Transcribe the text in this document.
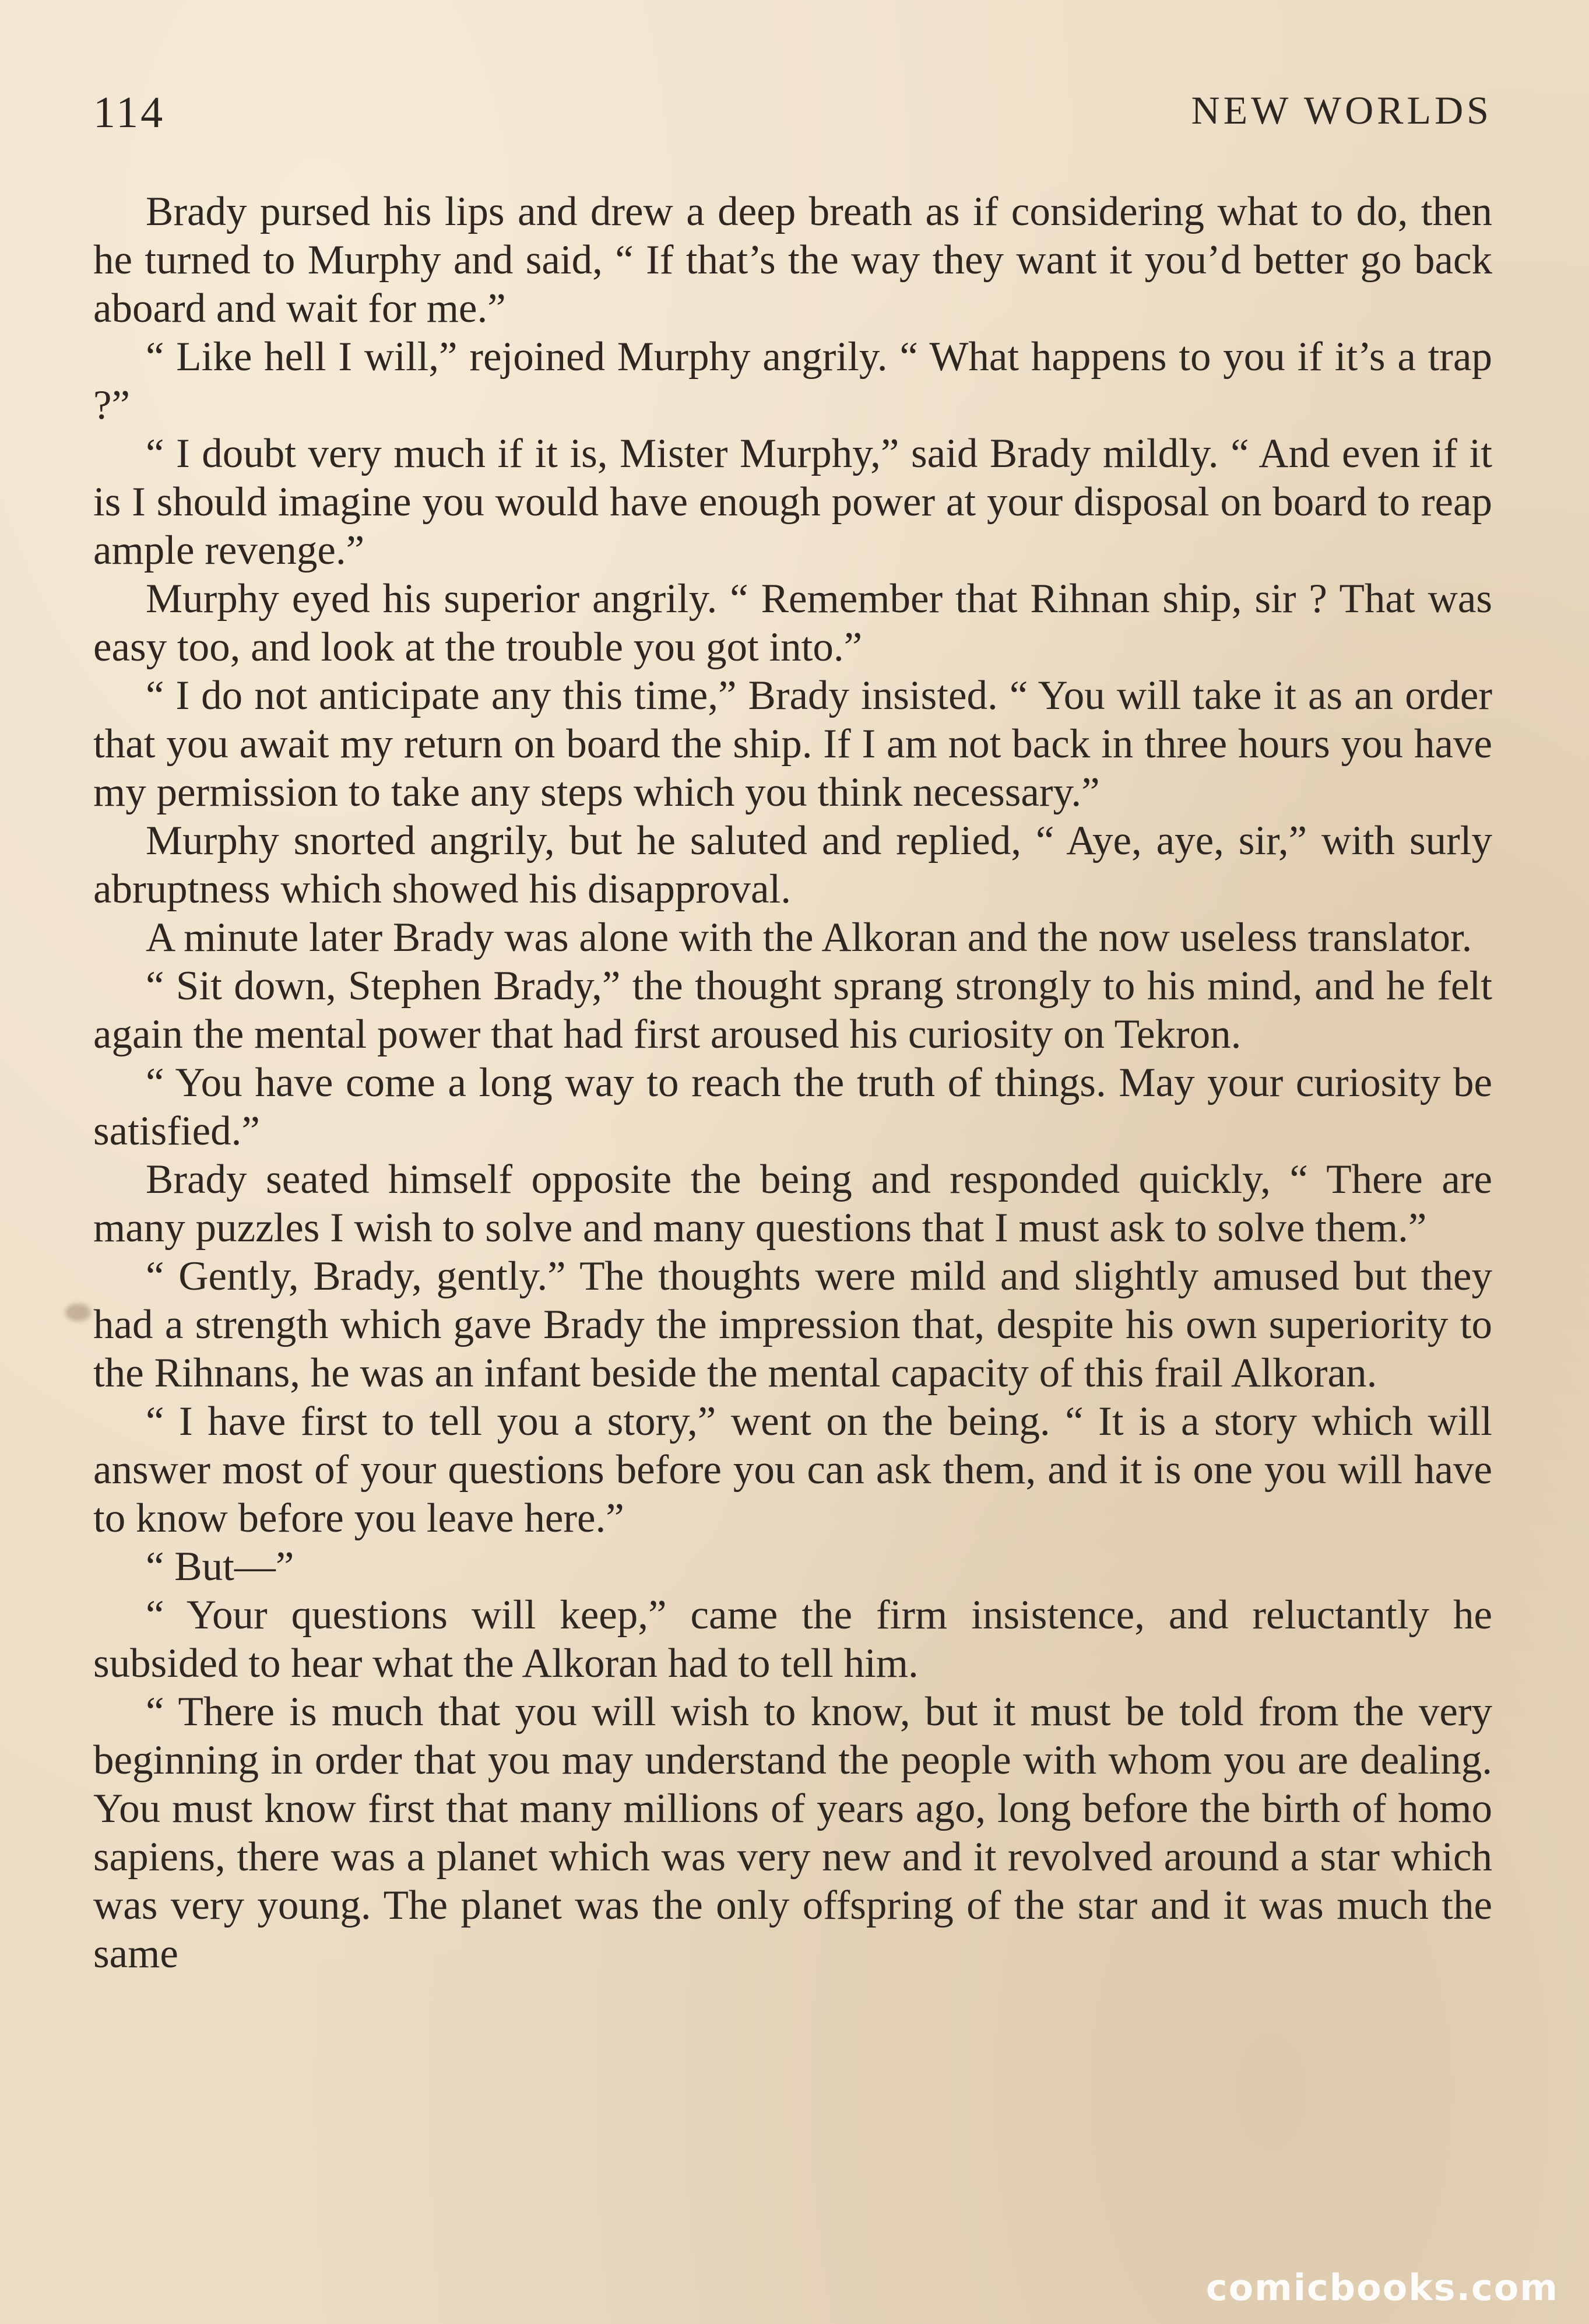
114	NEW WORLDS

Brady pursed his lips and drew a deep breath as if considering what to do, then he turned to Murphy and said, “ If that’s the way they want it you’d better go back aboard and wait for me.”

“ Like hell I will,” rejoined Murphy angrily. “ What happens to you if it’s a trap ?”

“ I doubt very much if it is, Mister Murphy,” said Brady mildly. “ And even if it is I should imagine you would have enough power at your disposal on board to reap ample revenge.”

Murphy eyed his superior angrily. “ Remember that Rihnan ship, sir ? That was easy too, and look at the trouble you got into.”

“ I do not anticipate any this time,” Brady insisted. “ You will take it as an order that you await my return on board the ship. If I am not back in three hours you have my permission to take any steps which you think necessary.”

Murphy snorted angrily, but he saluted and replied, “ Aye, aye, sir,” with surly abruptness which showed his disapproval.

A minute later Brady was alone with the Alkoran and the now useless translator.

“ Sit down, Stephen Brady,” the thought sprang strongly to his mind, and he felt again the mental power that had first aroused his curiosity on Tekron.

“ You have come a long way to reach the truth of things. May your curiosity be satisfied.”

Brady seated himself opposite the being and responded quickly, “ There are many puzzles I wish to solve and many questions that I must ask to solve them.”

“ Gently, Brady, gently.” The thoughts were mild and slightly amused but they had a strength which gave Brady the impression that, despite his own superiority to the Rihnans, he was an infant beside the mental capacity of this frail Alkoran.

“ I have first to tell you a story,” went on the being. “ It is a story which will answer most of your questions before you can ask them, and it is one you will have to know before you leave here.”

“ But—”

“ Your questions will keep,” came the firm insistence, and reluctantly he subsided to hear what the Alkoran had to tell him.

“ There is much that you will wish to know, but it must be told from the very beginning in order that you may understand the people with whom you are dealing. You must know first that many millions of years ago, long before the birth of homo sapiens, there was a planet which was very new and it revolved around a star which was very young. The planet was the only offspring of the star and it was much the same

comicbooks.com
